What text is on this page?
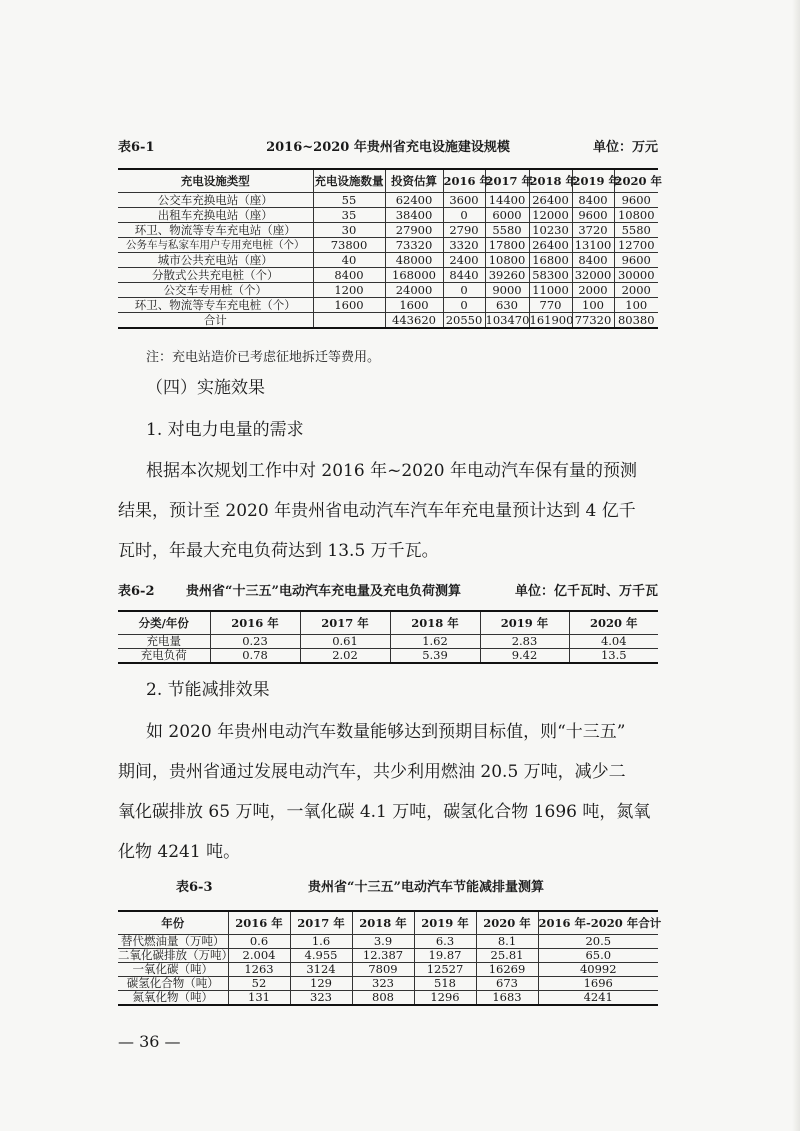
表6-1	2016~2020 年贵州省充电设施建设规模	单位：万元
充电设施类型	充电设施数量	投资估算	2016 年	2017 年	2018 年	2019 年	2020 年
公交车充换电站（座）	55	62400	3600	14400	26400	8400	9600
出租车充换电站（座）	35	38400	0	6000	12000	9600	10800
环卫、物流等专车充电站（座）	30	27900	2790	5580	10230	3720	5580
公务车与私家车用户专用充电桩（个）	73800	73320	3320	17800	26400	13100	12700
城市公共充电站（座）	40	48000	2400	10800	16800	8400	9600
分散式公共充电桩（个）	8400	168000	8440	39260	58300	32000	30000
公交车专用桩（个）	1200	24000	0	9000	11000	2000	2000
环卫、物流等专车充电桩（个）	1600	1600	0	630	770	100	100
合计		443620	20550	103470	161900	77320	80380
注：充电站造价已考虑征地拆迁等费用。
（四）实施效果
1. 对电力电量的需求
根据本次规划工作中对 2016 年~2020 年电动汽车保有量的预测
结果，预计至 2020 年贵州省电动汽车汽车年充电量预计达到 4 亿千
瓦时，年最大充电负荷达到 13.5 万千瓦。
表6-2 贵州省“十三五”电动汽车充电量及充电负荷测算	单位：亿千瓦时、万千瓦
分类/年份	2016 年	2017 年	2018 年	2019 年	2020 年
充电量	0.23	0.61	1.62	2.83	4.04
充电负荷	0.78	2.02	5.39	9.42	13.5
2. 节能减排效果
如 2020 年贵州电动汽车数量能够达到预期目标值，则“十三五”
期间，贵州省通过发展电动汽车，共少利用燃油 20.5 万吨，减少二
氧化碳排放 65 万吨，一氧化碳 4.1 万吨，碳氢化合物 1696 吨，氮氧
化物 4241 吨。
表6-3	贵州省“十三五”电动汽车节能减排量测算
年份	2016 年	2017 年	2018 年	2019 年	2020 年	2016 年-2020 年合计
替代燃油量（万吨）	0.6	1.6	3.9	6.3	8.1	20.5
二氧化碳排放（万吨）	2.004	4.955	12.387	19.87	25.81	65.0
一氧化碳（吨）	1263	3124	7809	12527	16269	40992
碳氢化合物（吨）	52	129	323	518	673	1696
氮氧化物（吨）	131	323	808	1296	1683	4241
— 36 —
